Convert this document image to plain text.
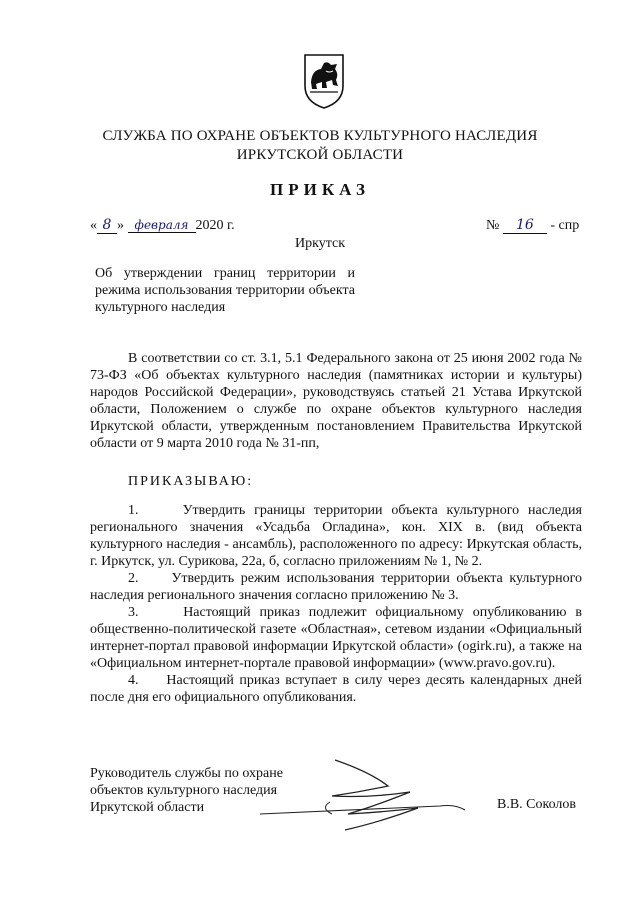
СЛУЖБА ПО ОХРАНЕ ОБЪЕКТОВ КУЛЬТУРНОГО НАСЛЕДИЯ
ИРКУТСКОЙ ОБЛАСТИ
ПРИКАЗ
« 8 » февраля 2020 г.	№ 16 - спр
Иркутск
Об утверждении границ территории и режима использования территории объекта культурного наследия

В соответствии со ст. 3.1, 5.1 Федерального закона от 25 июня 2002 года № 73-ФЗ «Об объектах культурного наследия (памятниках истории и культуры) народов Российской Федерации», руководствуясь статьей 21 Устава Иркутской области, Положением о службе по охране объектов культурного наследия Иркутской области, утвержденным постановлением Правительства Иркутской области от 9 марта 2010 года № 31-пп,

ПРИКАЗЫВАЮ:

1.     Утвердить границы территории объекта культурного наследия регионального значения «Усадьба Огладина», кон. XIX в. (вид объекта культурного наследия - ансамбль), расположенного по адресу: Иркутская область, г. Иркутск, ул. Сурикова, 22а, б, согласно приложениям № 1, № 2.

2.     Утвердить режим использования территории объекта культурного наследия регионального значения согласно приложению № 3.

3.     Настоящий приказ подлежит официальному опубликованию в общественно-политической газете «Областная», сетевом издании «Официальный интернет-портал правовой информации Иркутской области» (ogirk.ru), а также на «Официальном интернет-портале правовой информации» (www.pravo.gov.ru).

4.     Настоящий приказ вступает в силу через десять календарных дней после дня его официального опубликования.

Руководитель службы по охране
объектов культурного наследия
Иркутской области	В.В. Соколов
